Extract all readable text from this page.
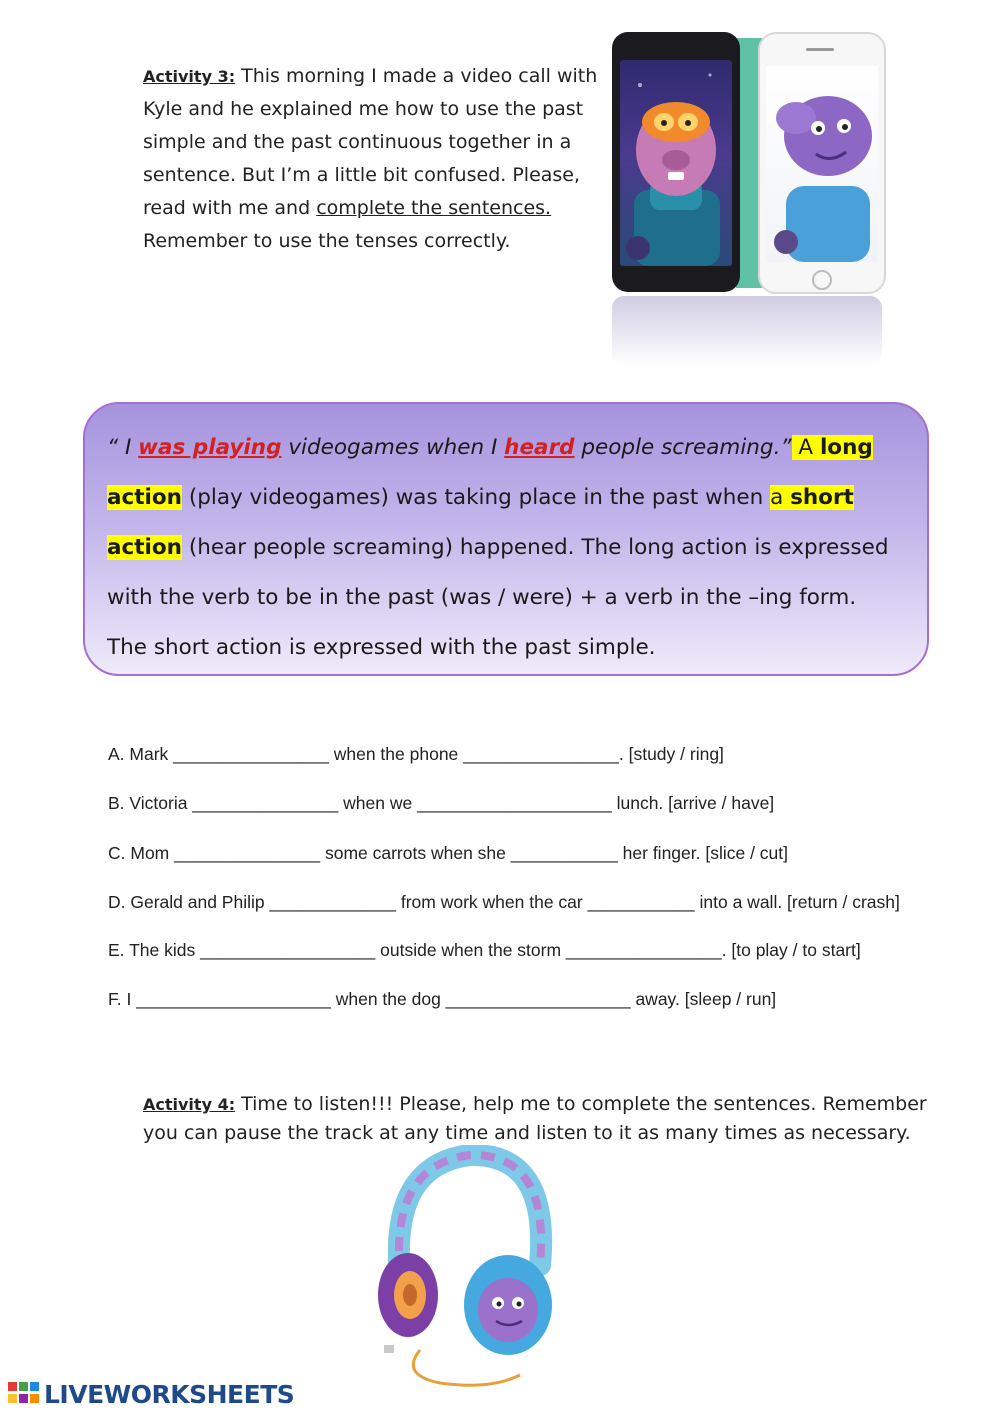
Activity 3: This morning I made a video call with Kyle and he explained me how to use the past simple and the past continuous together in a sentence. But I’m a little bit confused. Please, read with me and complete the sentences. Remember to use the tenses correctly.
“ I was playing videogames when I heard people screaming.” A long action (play videogames) was taking place in the past when a short action (hear people screaming) happened. The long action is expressed with the verb to be in the past (was / were) + a verb in the –ing form. The short action is expressed with the past simple.
A. Mark ________________ when the phone ________________. [study / ring]
B. Victoria _______________ when we ____________________ lunch. [arrive / have]
C. Mom _______________ some carrots when she ___________ her finger. [slice / cut]
D. Gerald and Philip _____________ from work when the car ___________ into a wall. [return / crash]
E. The kids __________________ outside when the storm ________________. [to play / to start]
F. I ____________________ when the dog ___________________ away. [sleep / run]
Activity 4: Time to listen!!! Please, help me to complete the sentences. Remember you can pause the track at any time and listen to it as many times as necessary.
LIVEWORKSHEETS
